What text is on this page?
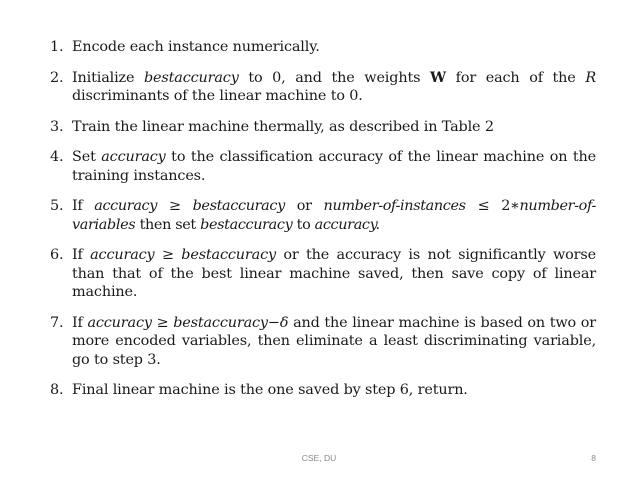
1. Encode each instance numerically.
2. Initialize bestaccuracy to 0, and the weights W for each of the R discriminants of the linear machine to 0.
3. Train the linear machine thermally, as described in Table 2
4. Set accuracy to the classification accuracy of the linear machine on the training instances.
5. If accuracy ≥ bestaccuracy or number-of-instances ≤ 2∗number-of-variables then set bestaccuracy to accuracy.
6. If accuracy ≥ bestaccuracy or the accuracy is not significantly worse than that of the best linear machine saved, then save copy of linear machine.
7. If accuracy ≥ bestaccuracy−δ and the linear machine is based on two or more encoded variables, then eliminate a least discriminating variable, go to step 3.
8. Final linear machine is the one saved by step 6, return.
CSE, DU	8
